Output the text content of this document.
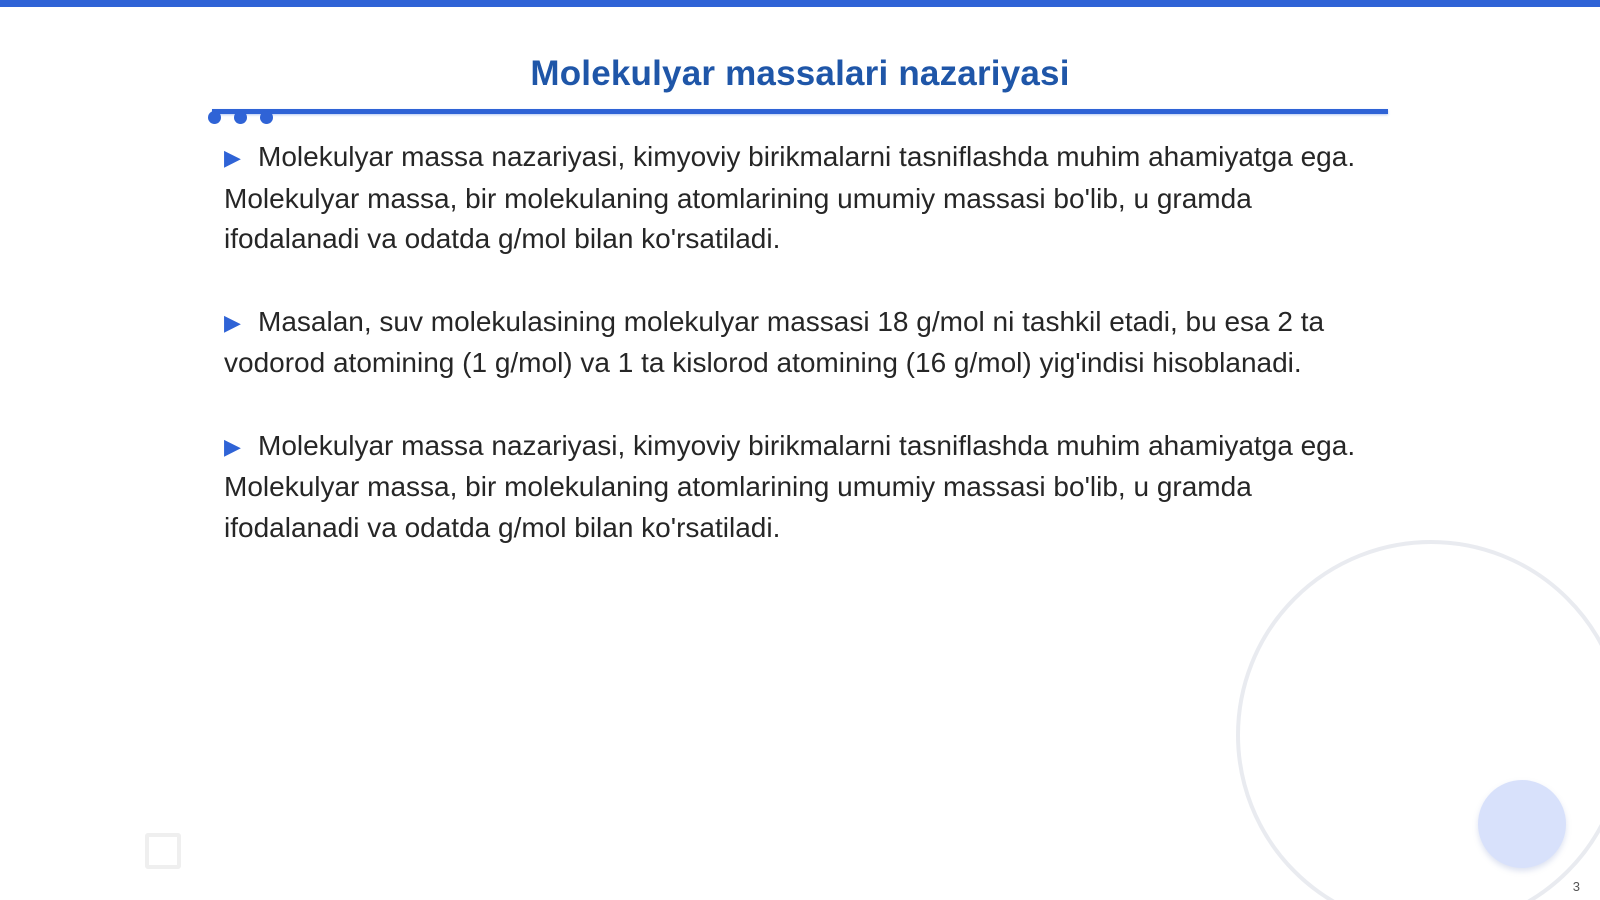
Molekulyar massalari nazariyasi

▶ Molekulyar massa nazariyasi, kimyoviy birikmalarni tasniflashda muhim ahamiyatga ega. Molekulyar massa, bir molekulaning atomlarining umumiy massasi bo'lib, u gramda ifodalanadi va odatda g/mol bilan ko'rsatiladi.

▶ Masalan, suv molekulasining molekulyar massasi 18 g/mol ni tashkil etadi, bu esa 2 ta vodorod atomining (1 g/mol) va 1 ta kislorod atomining (16 g/mol) yig'indisi hisoblanadi.

▶ Molekulyar massa nazariyasi, kimyoviy birikmalarni tasniflashda muhim ahamiyatga ega. Molekulyar massa, bir molekulaning atomlarining umumiy massasi bo'lib, u gramda ifodalanadi va odatda g/mol bilan ko'rsatiladi.

3
